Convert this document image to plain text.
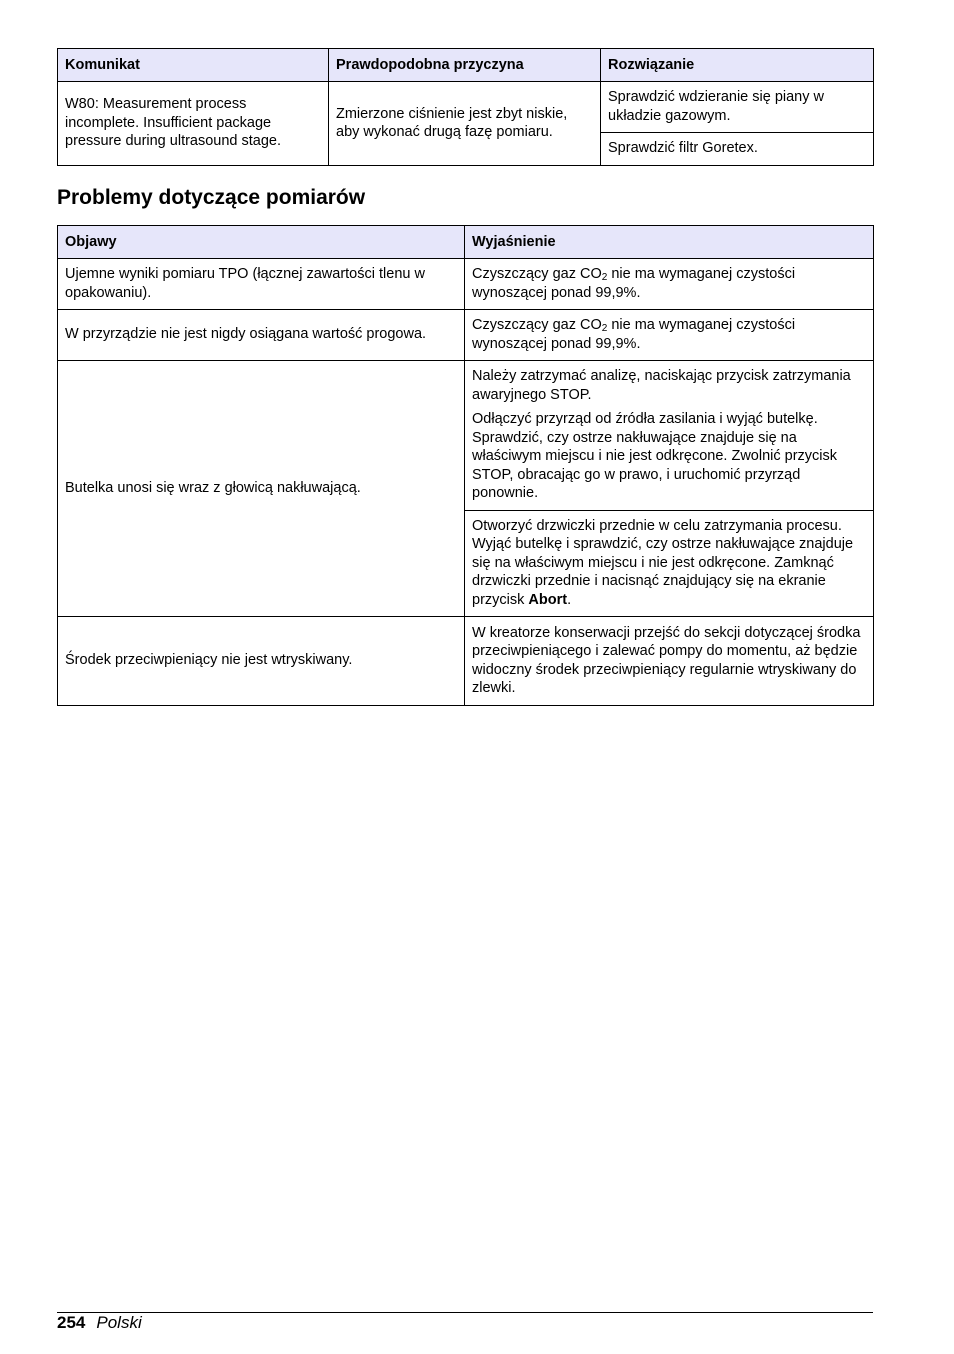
Komunikat	Prawdopodobna przyczyna	Rozwiązanie
W80: Measurement process incomplete. Insufficient package pressure during ultrasound stage.	Zmierzone ciśnienie jest zbyt niskie, aby wykonać drugą fazę pomiaru.	Sprawdzić wdzieranie się piany w układzie gazowym.
		Sprawdzić filtr Goretex.
Problemy dotyczące pomiarów
Objawy	Wyjaśnienie
Ujemne wyniki pomiaru TPO (łącznej zawartości tlenu w opakowaniu).	Czyszczący gaz $CO_2$ nie ma wymaganej czystości wynoszącej ponad 99,9%.
W przyrządzie nie jest nigdy osiągana wartość progowa.	Czyszczący gaz $CO_2$ nie ma wymaganej czystości wynoszącej ponad 99,9%.
Butelka unosi się wraz z głowicą nakłuwającą.	Należy zatrzymać analizę, naciskając przycisk zatrzymania awaryjnego STOP.

Odłączyć przyrząd od źródła zasilania i wyjąć butelkę. Sprawdzić, czy ostrze nakłuwające znajduje się na właściwym miejscu i nie jest odkręcone. Zwolnić przycisk STOP, obracając go w prawo, i uruchomić przyrząd ponownie.

Otworzyć drzwiczki przednie w celu zatrzymania procesu. Wyjąć butelkę i sprawdzić, czy ostrze nakłuwające znajduje się na właściwym miejscu i nie jest odkręcone. Zamknąć drzwiczki przednie i nacisnąć znajdujący się na ekranie przycisk Abort.

Środek przeciwpieniący nie jest wtryskiwany.	W kreatorze konserwacji przejść do sekcji dotyczącej środka przeciwpieniącego i zalewać pompy do momentu, aż będzie widoczny środek przeciwpieniący regularnie wtryskiwany do zlewki.
254 Polski
